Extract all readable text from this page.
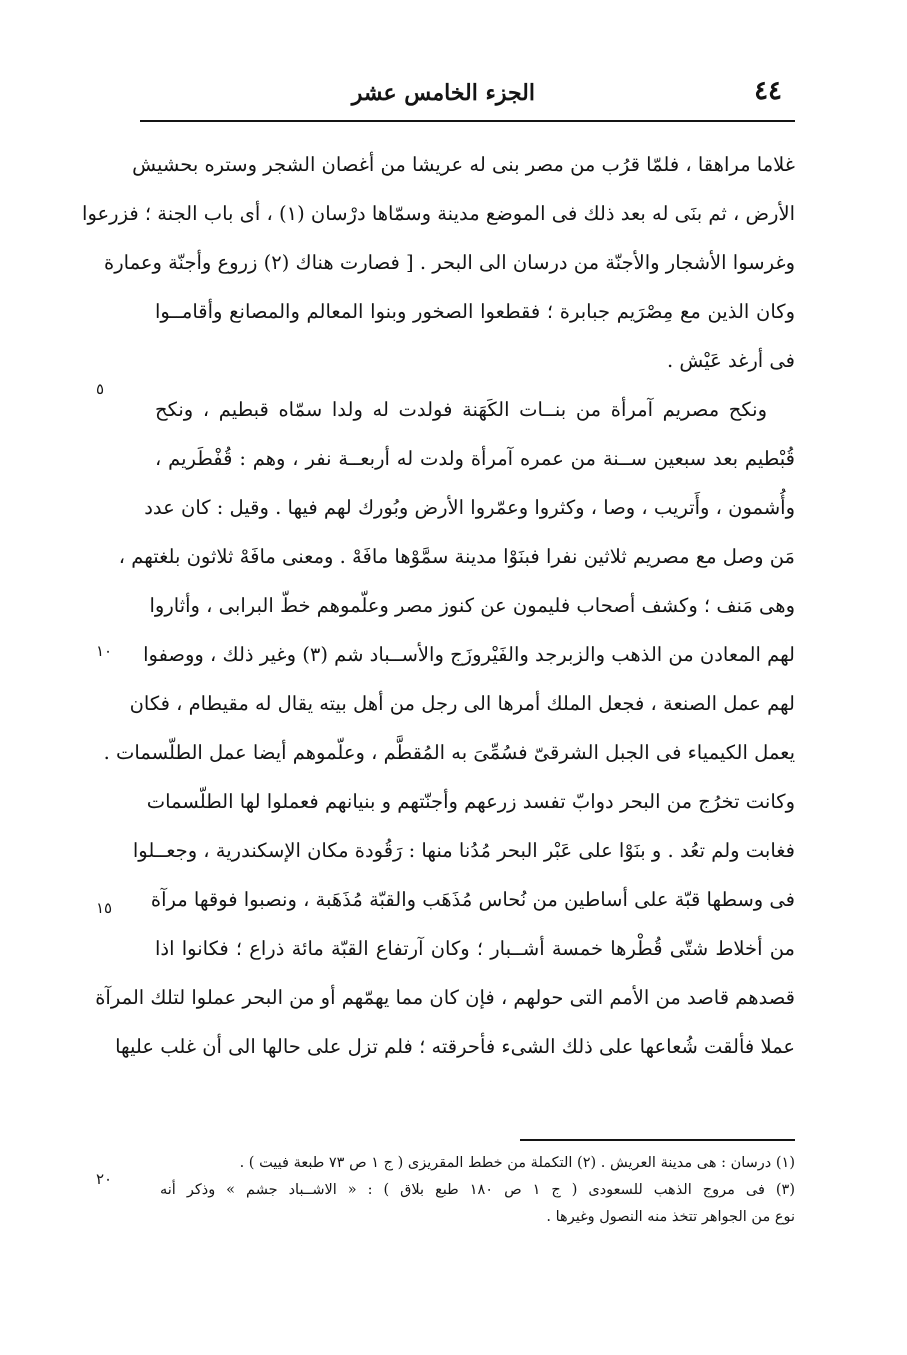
٤٤
الجزء الخامس عشر
غلاما مراهقا ، فلمّا قرُب من مصر بنى له عريشا من أغصان الشجر وستره بحشيش
الأرض ، ثم بنَى له بعد ذلك فى الموضع مدينة وسمّاها درْسان (١) ، أى باب الجنة ؛ فزرعوا
وغرسوا الأشجار والأجنّة من درسان الى البحر . [ فصارت هناك (٢) زروع وأجنّة وعمارة
وكان الذين مع مِصْرَيم جبابرة ؛ فقطعوا الصخور وبنوا المعالم والمصانع وأقامــوا
فى أرغد عَيْش .
ونكح مصريم آمرأة من بنــات الكَهَنة فولدت له ولدا سمّاه قبطيم ، ونكح
قُبْطيم بعد سبعين ســنة من عمره آمرأة ولدت له أربعــة نفر ، وهم : قُفْطَريم ،
وأُشمون ، وأَتريب ، وصا ، وكثروا وعمّروا الأرض وبُورك لهم فيها . وقيل : كان عدد
مَن وصل مع مصريم ثلاثين نفرا فبنَوْا مدينة سمَّوْها مافَهْ . ومعنى مافَهْ ثلاثون بلغتهم ،
وهى مَنف ؛ وكشف أصحاب فليمون عن كنوز مصر وعلّموهم خطّ البرابى ، وأثاروا
لهم المعادن من الذهب والزبرجد والفَيْروزَج والأســباد شم (٣) وغير ذلك ، ووصفوا
لهم عمل الصنعة ، فجعل الملك أمرها الى رجل من أهل بيته يقال له مقيطام ، فكان
يعمل الكيمياء فى الجبل الشرقىّ فسُمِّىَ به المُقطَّم ، وعلّموهم أيضا عمل الطلّسمات .
وكانت تخرُج من البحر دوابّ تفسد زرعهم وأجنّتهم و بنيانهم فعملوا لها الطلّسمات
فغابت ولم تعُد . و بنَوْا على عَبْر البحر مُدُنا منها : رَقُودة مكان الإسكندرية ، وجعــلوا
فى وسطها قبّة على أساطين من نُحاس مُذَهَب والقبّة مُذَهَبة ، ونصبوا فوقها مرآة
من أخلاط شتّى قُطْرها خمسة أشــبار ؛ وكان آرتفاع القبّة مائة ذراع ؛ فكانوا اذا
قصدهم قاصد من الأمم التى حولهم ، فإن كان مما يهمّهم أو من البحر عملوا لتلك المرآة
عملا فألقت شُعاعها على ذلك الشىء فأحرقته ؛ فلم تزل على حالها الى أن غلب عليها
٥
١٠
١٥
٢٠
(١) درسان : هى مدينة العريش . (٢) التكملة من خطط المقريزى ( ج ١ ص ٧٣ طبعة فييت ) .
(٣) فى مروج الذهب للسعودى ( ج ١ ص ١٨٠ طبع بلاق ) : « الاشــباد جشم » وذكر أنه
نوع من الجواهر تتخذ منه النصول وغيرها .
